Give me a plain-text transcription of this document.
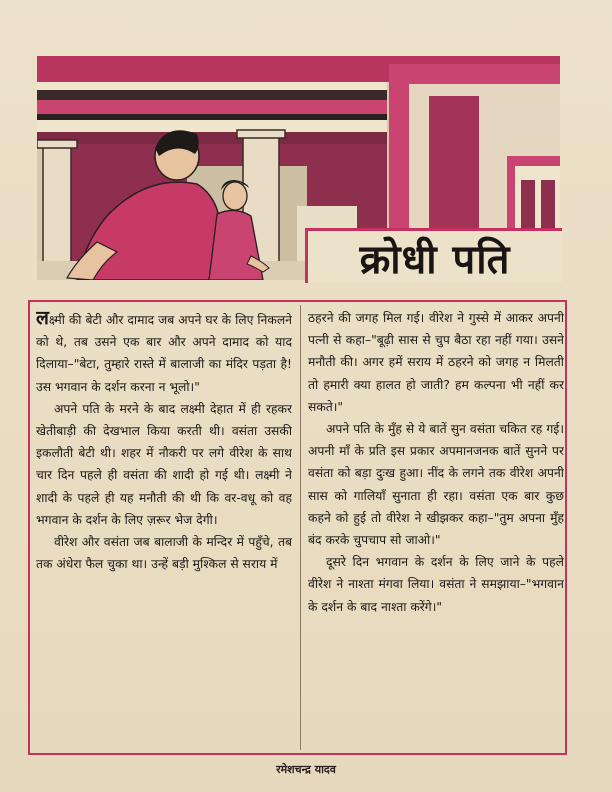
क्रोधी पति

लक्ष्मी की बेटी और दामाद जब अपने घर के लिए निकलने को थे, तब उसने एक बार और अपने दामाद को याद दिलाया–"बेटा, तुम्हारे रास्ते में बालाजी का मंदिर पड़ता है! उस भगवान के दर्शन करना न भूलो।"

अपने पति के मरने के बाद लक्ष्मी देहात में ही रहकर खेतीबाड़ी की देखभाल किया करती थी। वसंता उसकी इकलौती बेटी थी। शहर में नौकरी पर लगे वीरेश के साथ चार दिन पहले ही वसंता की शादी हो गई थी। लक्ष्मी ने शादी के पहले ही यह मनौती की थी कि वर-वधू को वह भगवान के दर्शन के लिए ज़रूर भेज देगी।

वीरेश और वसंता जब बालाजी के मन्दिर में पहुँचे, तब तक अंधेरा फैल चुका था। उन्हें बड़ी मुश्किल से सराय में

ठहरने की जगह मिल गई। वीरेश ने गुस्से में आकर अपनी पत्नी से कहा–"बूढ़ी सास से चुप बैठा रहा नहीं गया। उसने मनौती की। अगर हमें सराय में ठहरने को जगह न मिलती तो हमारी क्या हालत हो जाती? हम कल्पना भी नहीं कर सकते।"

अपने पति के मुँह से ये बातें सुन वसंता चकित रह गई। अपनी माँ के प्रति इस प्रकार अपमानजनक बातें सुनने पर वसंता को बड़ा दुःख हुआ। नींद के लगने तक वीरेश अपनी सास को गालियाँ सुनाता ही रहा। वसंता एक बार कुछ कहने को हुई तो वीरेश ने खीझकर कहा–"तुम अपना मुँह बंद करके चुपचाप सो जाओ।"

दूसरे दिन भगवान के दर्शन के लिए जाने के पहले वीरेश ने नाश्ता मंगवा लिया। वसंता ने समझाया–"भगवान के दर्शन के बाद नाश्ता करेंगे।"

रमेशचन्द्र यादव
